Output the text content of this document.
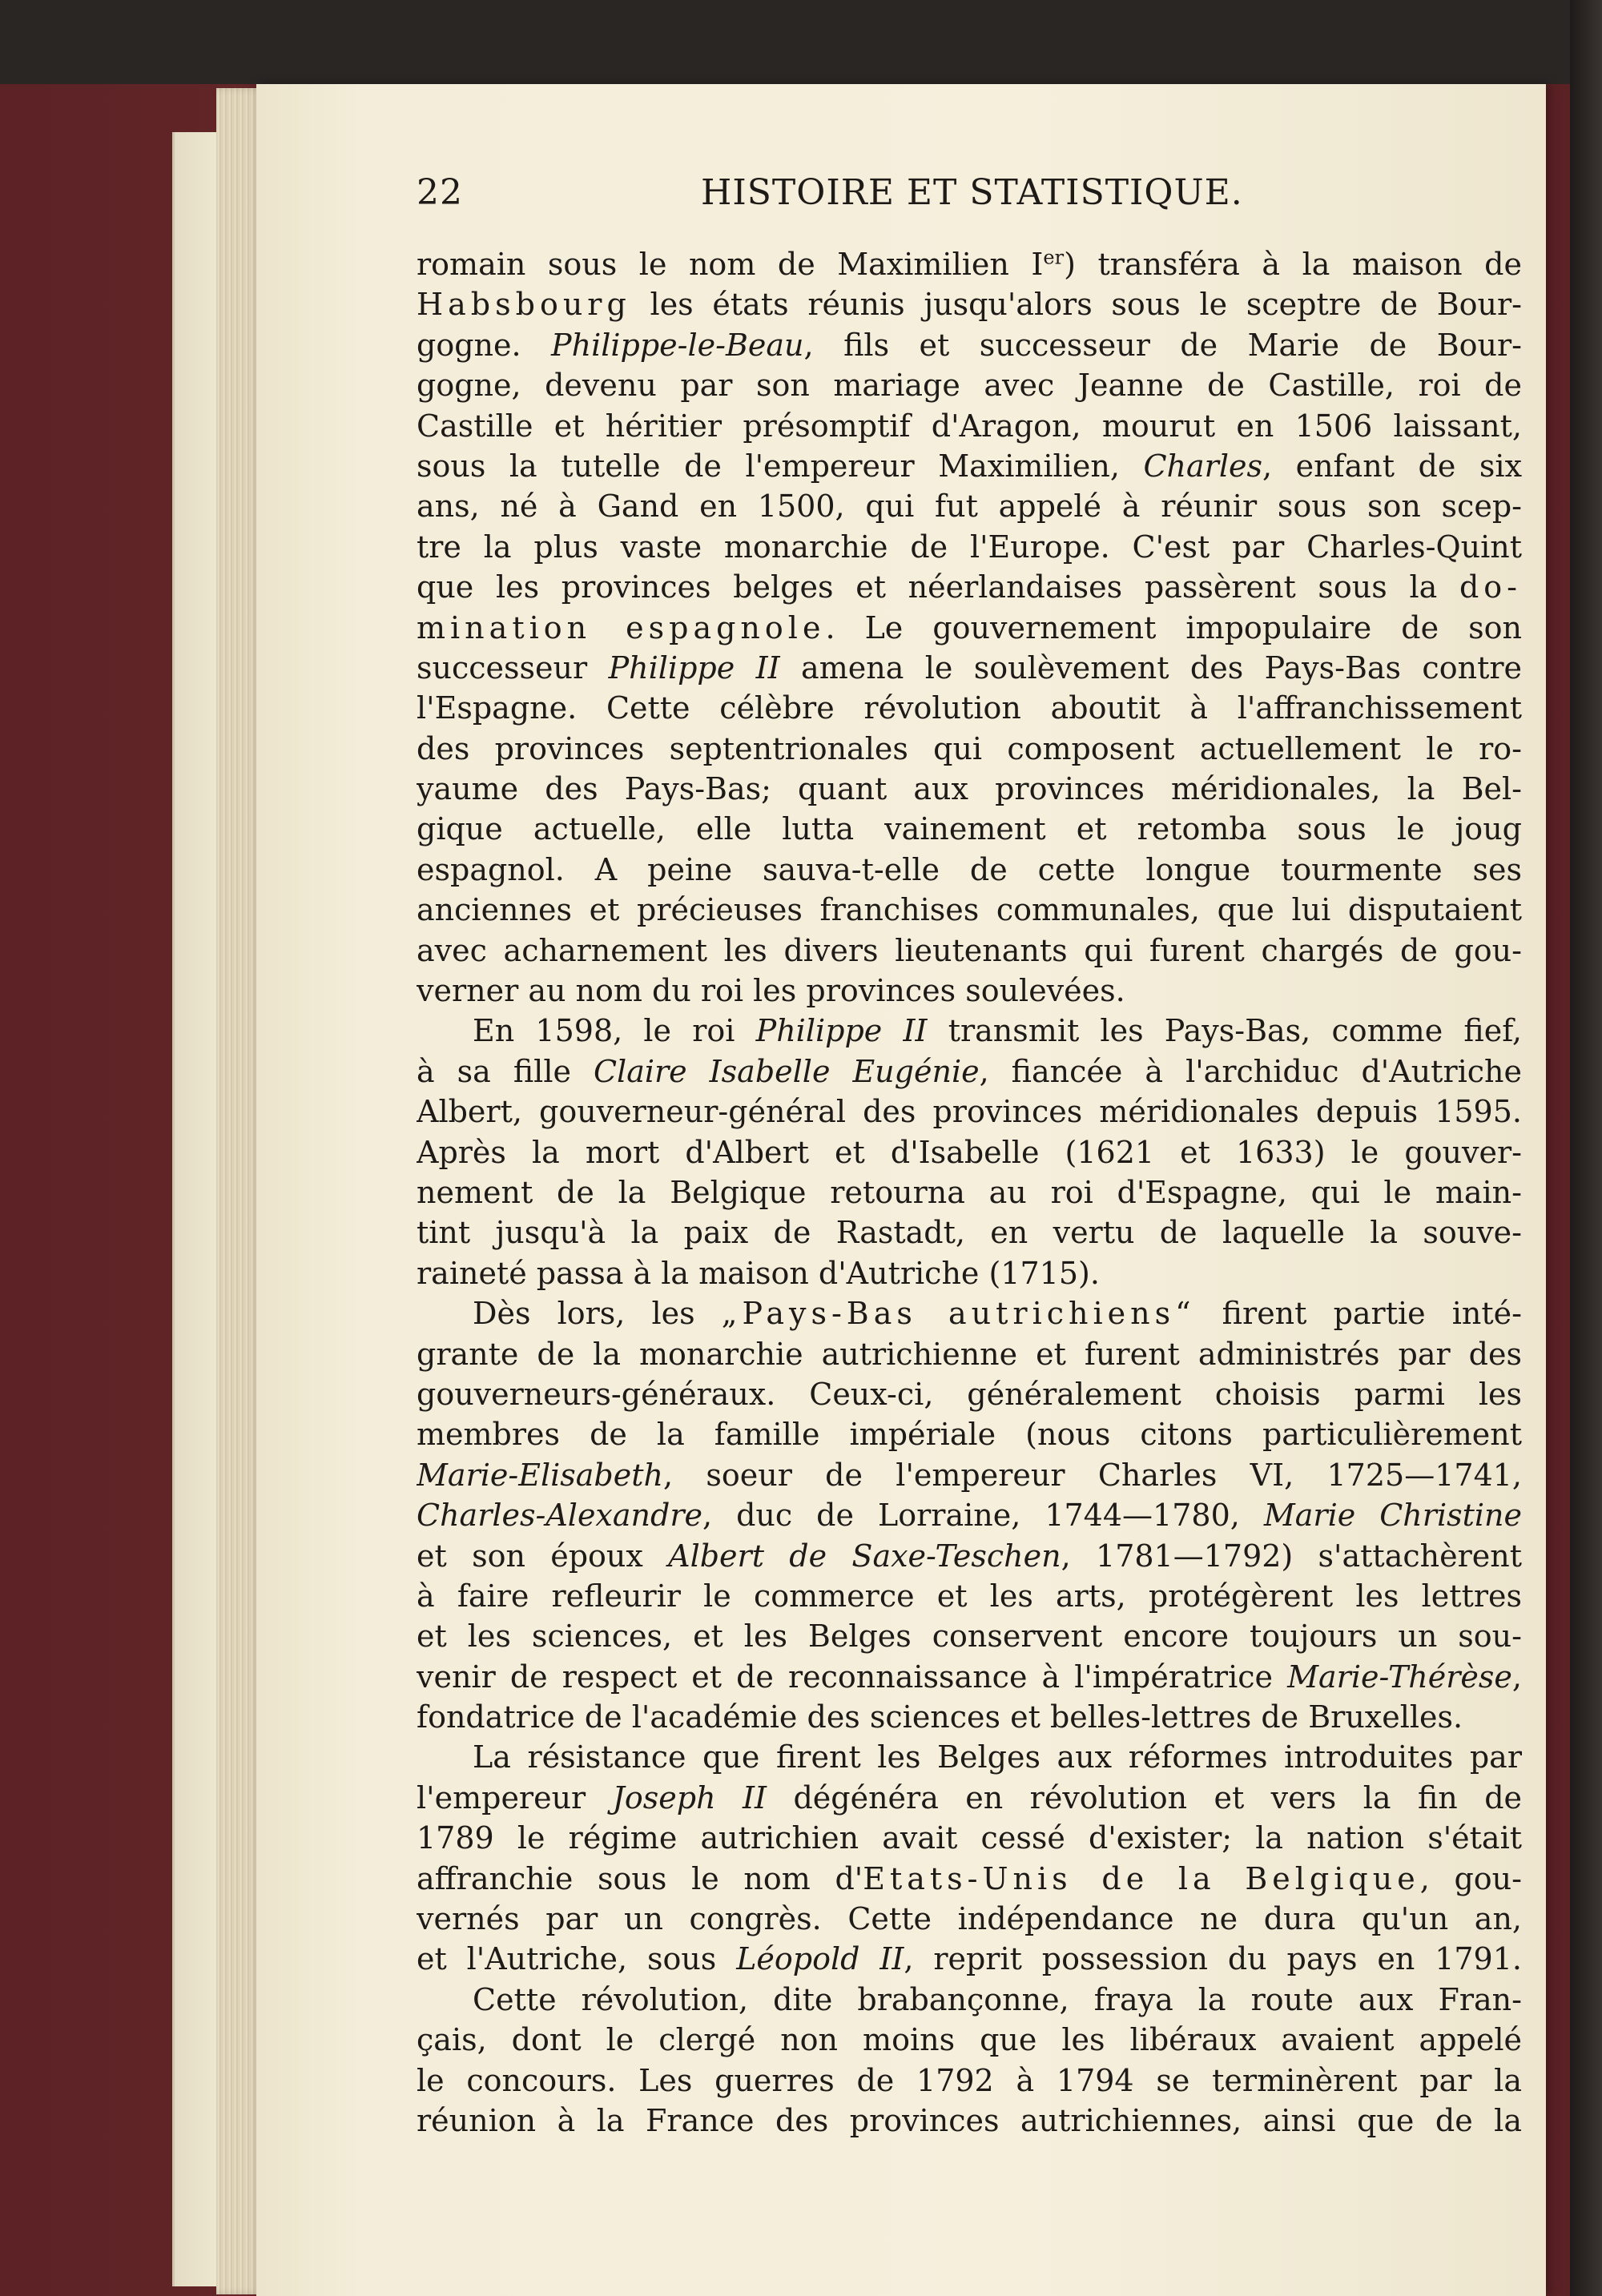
22	HISTOIRE ET STATISTIQUE.
romain sous le nom de Maximilien Ier) transféra à la maison de
Habsbourg les états réunis jusqu'alors sous le sceptre de Bour-
gogne. Philippe-le-Beau, fils et successeur de Marie de Bour-
gogne, devenu par son mariage avec Jeanne de Castille, roi de
Castille et héritier présomptif d'Aragon, mourut en 1506 laissant,
sous la tutelle de l'empereur Maximilien, Charles, enfant de six
ans, né à Gand en 1500, qui fut appelé à réunir sous son scep-
tre la plus vaste monarchie de l'Europe. C'est par Charles-Quint
que les provinces belges et néerlandaises passèrent sous la do-
mination espagnole. Le gouvernement impopulaire de son
successeur Philippe II amena le soulèvement des Pays-Bas contre
l'Espagne. Cette célèbre révolution aboutit à l'affranchissement
des provinces septentrionales qui composent actuellement le ro-
yaume des Pays-Bas; quant aux provinces méridionales, la Bel-
gique actuelle, elle lutta vainement et retomba sous le joug
espagnol. A peine sauva-t-elle de cette longue tourmente ses
anciennes et précieuses franchises communales, que lui disputaient
avec acharnement les divers lieutenants qui furent chargés de gou-
verner au nom du roi les provinces soulevées.
En 1598, le roi Philippe II transmit les Pays-Bas, comme fief,
à sa fille Claire Isabelle Eugénie, fiancée à l'archiduc d'Autriche
Albert, gouverneur-général des provinces méridionales depuis 1595.
Après la mort d'Albert et d'Isabelle (1621 et 1633) le gouver-
nement de la Belgique retourna au roi d'Espagne, qui le main-
tint jusqu'à la paix de Rastadt, en vertu de laquelle la souve-
raineté passa à la maison d'Autriche (1715).
Dès lors, les „Pays-Bas autrichiens“ firent partie inté-
grante de la monarchie autrichienne et furent administrés par des
gouverneurs-généraux. Ceux-ci, généralement choisis parmi les
membres de la famille impériale (nous citons particulièrement
Marie-Elisabeth, soeur de l'empereur Charles VI, 1725—1741,
Charles-Alexandre, duc de Lorraine, 1744—1780, Marie Christine
et son époux Albert de Saxe-Teschen, 1781—1792) s'attachèrent
à faire refleurir le commerce et les arts, protégèrent les lettres
et les sciences, et les Belges conservent encore toujours un sou-
venir de respect et de reconnaissance à l'impératrice Marie-Thérèse,
fondatrice de l'académie des sciences et belles-lettres de Bruxelles.
La résistance que firent les Belges aux réformes introduites par
l'empereur Joseph II dégénéra en révolution et vers la fin de
1789 le régime autrichien avait cessé d'exister; la nation s'était
affranchie sous le nom d'Etats-Unis de la Belgique, gou-
vernés par un congrès. Cette indépendance ne dura qu'un an,
et l'Autriche, sous Léopold II, reprit possession du pays en 1791.
Cette révolution, dite brabançonne, fraya la route aux Fran-
çais, dont le clergé non moins que les libéraux avaient appelé
le concours. Les guerres de 1792 à 1794 se terminèrent par la
réunion à la France des provinces autrichiennes, ainsi que de la
